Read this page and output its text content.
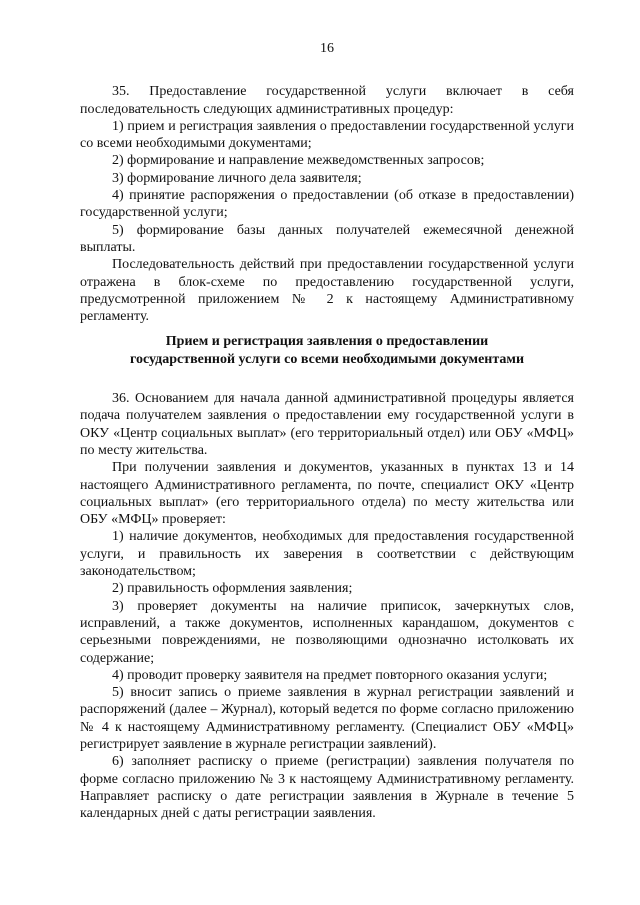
16

35. Предоставление государственной услуги включает в себя последовательность следующих административных процедур:

1) прием и регистрация заявления о предоставлении государственной услуги со всеми необходимыми документами;

2) формирование и направление межведомственных запросов;

3) формирование личного дела заявителя;

4) принятие распоряжения о предоставлении (об отказе в предоставлении) государственной услуги;

5) формирование базы данных получателей ежемесячной денежной выплаты.

Последовательность действий при предоставлении государственной услуги отражена в блок-схеме по предоставлению государственной услуги, предусмотренной приложением № 2 к настоящему Административному регламенту.

Прием и регистрация заявления о предоставлении
государственной услуги со всеми необходимыми документами

36. Основанием для начала данной административной процедуры является подача получателем заявления о предоставлении ему государственной услуги в ОКУ «Центр социальных выплат» (его территориальный отдел) или ОБУ «МФЦ» по месту жительства.

При получении заявления и документов, указанных в пунктах 13 и 14 настоящего Административного регламента, по почте, специалист ОКУ «Центр социальных выплат» (его территориального отдела) по месту жительства или ОБУ «МФЦ» проверяет:

1) наличие документов, необходимых для предоставления государственной услуги, и правильность их заверения в соответствии с действующим законодательством;

2) правильность оформления заявления;

3) проверяет документы на наличие приписок, зачеркнутых слов, исправлений, а также документов, исполненных карандашом, документов с серьезными повреждениями, не позволяющими однозначно истолковать их содержание;

4) проводит проверку заявителя на предмет повторного оказания услуги;

5) вносит запись о приеме заявления в журнал регистрации заявлений и распоряжений (далее – Журнал), который ведется по форме согласно приложению № 4 к настоящему Административному регламенту. (Специалист ОБУ «МФЦ» регистрирует заявление в журнале регистрации заявлений).

6) заполняет расписку о приеме (регистрации) заявления получателя по форме согласно приложению № 3 к настоящему Административному регламенту. Направляет расписку о дате регистрации заявления в Журнале в течение 5 календарных дней с даты регистрации заявления.
